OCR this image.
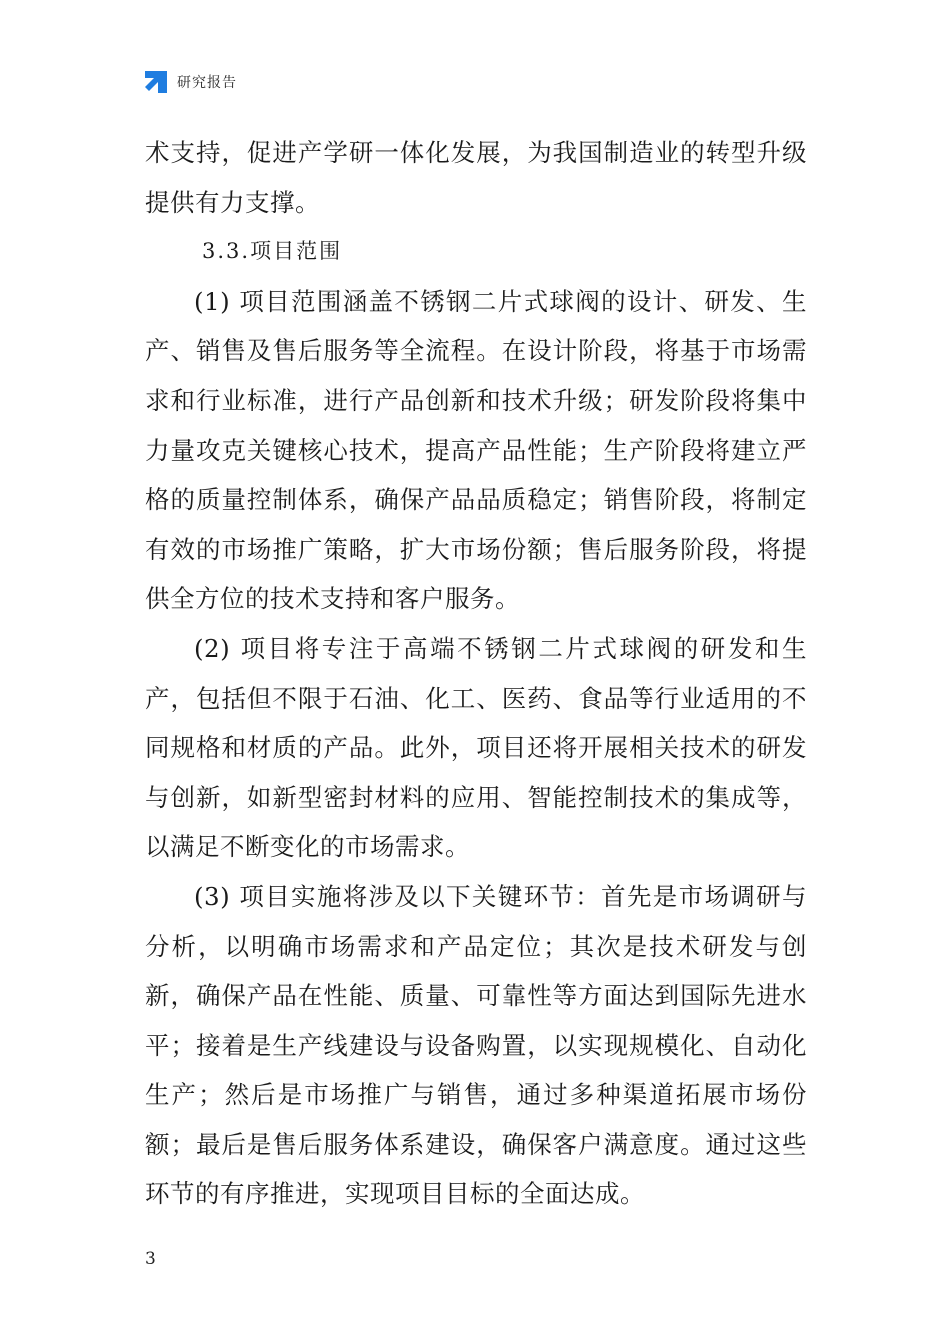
研究报告

术支持，促进产学研一体化发展，为我国制造业的转型升级提供有力支撑。

3.3.项目范围

(1) 项目范围涵盖不锈钢二片式球阀的设计、研发、生产、销售及售后服务等全流程。在设计阶段，将基于市场需求和行业标准，进行产品创新和技术升级；研发阶段将集中力量攻克关键核心技术，提高产品性能；生产阶段将建立严格的质量控制体系，确保产品品质稳定；销售阶段，将制定有效的市场推广策略，扩大市场份额；售后服务阶段，将提供全方位的技术支持和客户服务。

(2) 项目将专注于高端不锈钢二片式球阀的研发和生产，包括但不限于石油、化工、医药、食品等行业适用的不同规格和材质的产品。此外，项目还将开展相关技术的研发与创新，如新型密封材料的应用、智能控制技术的集成等，以满足不断变化的市场需求。

(3) 项目实施将涉及以下关键环节：首先是市场调研与分析，以明确市场需求和产品定位；其次是技术研发与创新，确保产品在性能、质量、可靠性等方面达到国际先进水平；接着是生产线建设与设备购置，以实现规模化、自动化生产；然后是市场推广与销售，通过多种渠道拓展市场份额；最后是售后服务体系建设，确保客户满意度。通过这些环节的有序推进，实现项目目标的全面达成。

3
